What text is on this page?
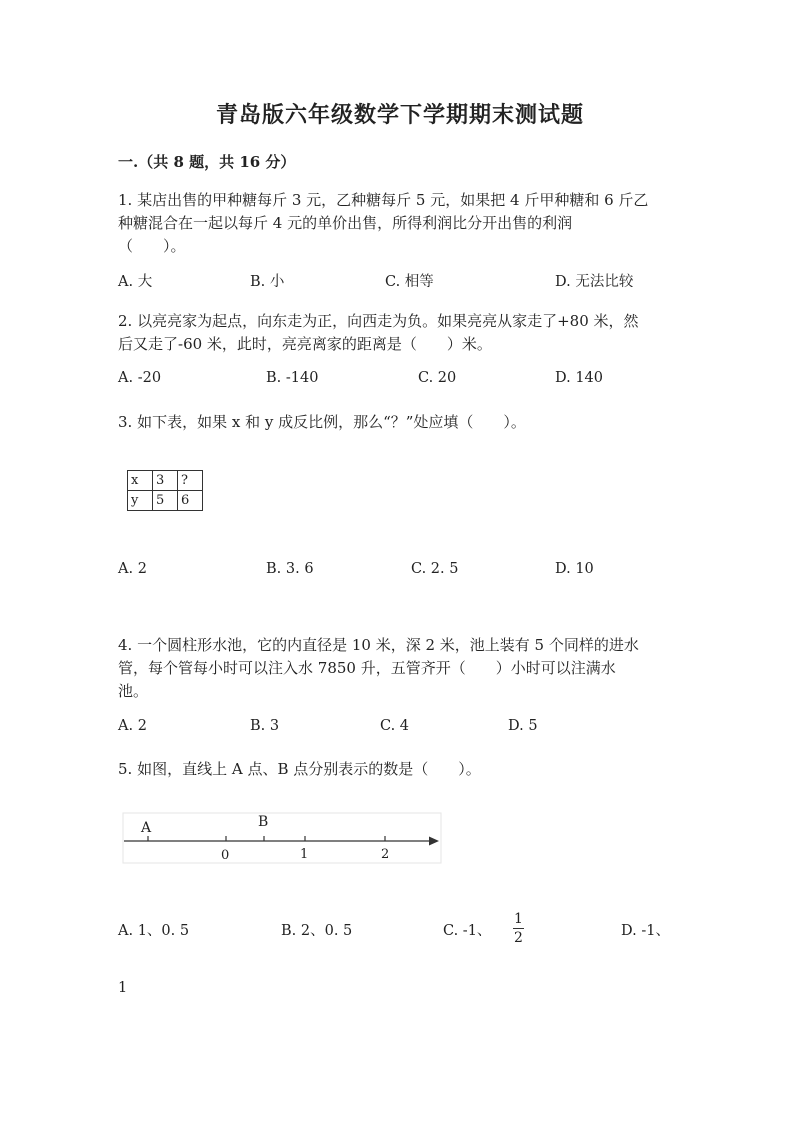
青岛版六年级数学下学期期末测试题
一.（共 8 题，共 16 分）
1. 某店出售的甲种糖每斤 3 元，乙种糖每斤 5 元，如果把 4 斤甲种糖和 6 斤乙
种糖混合在一起以每斤 4 元的单价出售，所得利润比分开出售的利润
（　　）。
A. 大	B. 小	C. 相等	D. 无法比较
2. 以亮亮家为起点，向东走为正，向西走为负。如果亮亮从家走了+80 米，然
后又走了-60 米，此时，亮亮离家的距离是（　　）米。
A. -20	B. -140	C. 20	D. 140
3. 如下表，如果 x 和 y 成反比例，那么“？”处应填（　　）。
x	3	?
y	5	6
A. 2	B. 3. 6	C. 2. 5	D. 10
4. 一个圆柱形水池，它的内直径是 10 米，深 2 米，池上装有 5 个同样的进水
管，每个管每小时可以注入水 7850 升，五管齐开（　　）小时可以注满水
池。
A. 2	B. 3	C. 4	D. 5
5. 如图，直线上 A 点、B 点分别表示的数是（　　）。
A	B
0	1	2
A. 1、0. 5	B. 2、0. 5	C. -1、 $\frac{1}{2}$	D. -1、
1
